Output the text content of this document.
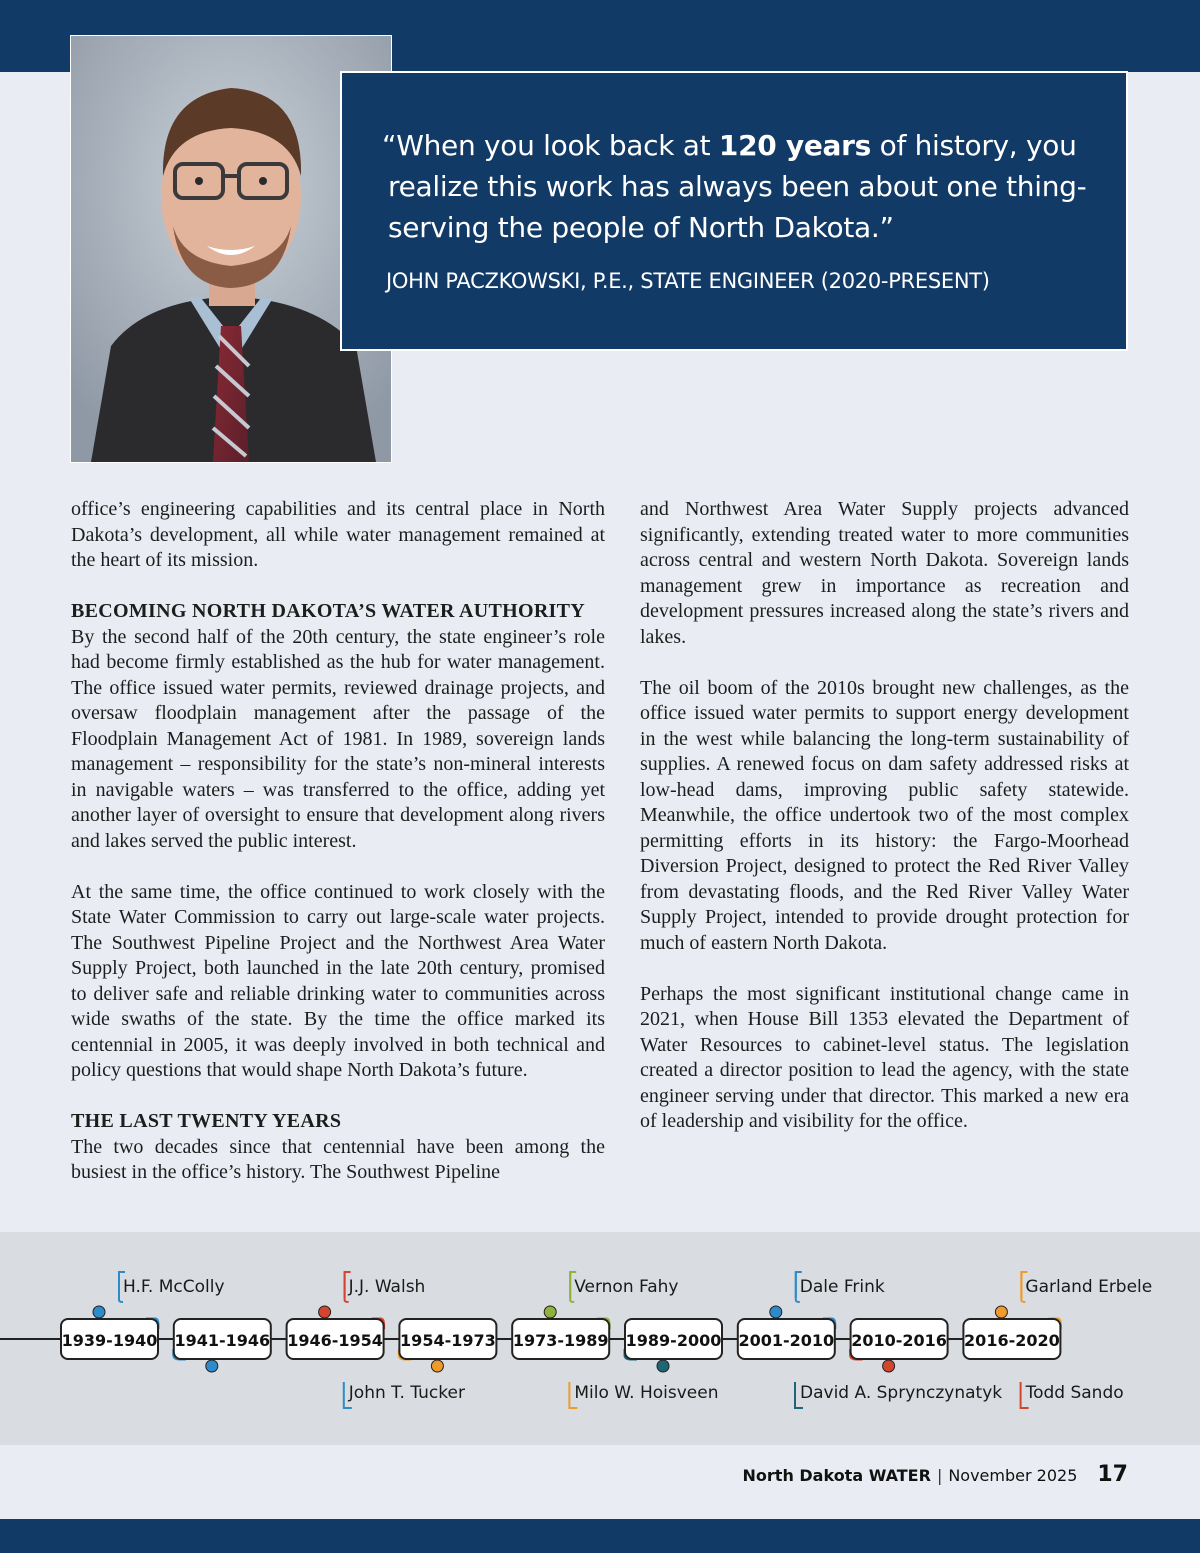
“When you look back at 120 years of history, you
realize this work has always been about one thing-
serving the people of North Dakota.”
JOHN PACZKOWSKI, P.E., STATE ENGINEER (2020-PRESENT)

office’s engineering capabilities and its central place in North Dakota’s development, all while water management remained at the heart of its mission.

BECOMING NORTH DAKOTA’S WATER AUTHORITY

By the second half of the 20th century, the state engineer’s role had become firmly established as the hub for water management. The office issued water permits, reviewed drainage projects, and oversaw floodplain management after the passage of the Floodplain Management Act of 1981. In 1989, sovereign lands management – responsibility for the state’s non-mineral interests in navigable waters – was transferred to the office, adding yet another layer of oversight to ensure that development along rivers and lakes served the public interest.

At the same time, the office continued to work closely with the State Water Commission to carry out large-scale water projects. The Southwest Pipeline Project and the Northwest Area Water Supply Project, both launched in the late 20th century, promised to deliver safe and reliable drinking water to communities across wide swaths of the state. By the time the office marked its centennial in 2005, it was deeply involved in both technical and policy questions that would shape North Dakota’s future.

THE LAST TWENTY YEARS

The two decades since that centennial have been among the busiest in the office’s history. The Southwest Pipeline

and Northwest Area Water Supply projects advanced significantly, extending treated water to more communities across central and western North Dakota. Sovereign lands management grew in importance as recreation and development pressures increased along the state’s rivers and lakes.

The oil boom of the 2010s brought new challenges, as the office issued water permits to support energy development in the west while balancing the long-term sustainability of supplies. A renewed focus on dam safety addressed risks at low-head dams, improving public safety statewide. Meanwhile, the office undertook two of the most complex permitting efforts in its history: the Fargo-Moorhead Diversion Project, designed to protect the Red River Valley from devastating floods, and the Red River Valley Water Supply Project, intended to provide drought protection for much of eastern North Dakota.

Perhaps the most significant institutional change came in 2021, when House Bill 1353 elevated the Department of Water Resources to cabinet-level status. The legislation created a director position to lead the agency, with the state engineer serving under that director. This marked a new era of leadership and visibility for the office.

1939-1940
H.F. McColly
1941-1946
John T. Tucker
1946-1954
J.J. Walsh
1954-1973
Milo W. Hoisveen
1973-1989
Vernon Fahy
1989-2000
David A. Sprynczynatyk
2001-2010
Dale Frink
2010-2016
Todd Sando
2016-2020
Garland Erbele
North Dakota WATER | November 2025 17
